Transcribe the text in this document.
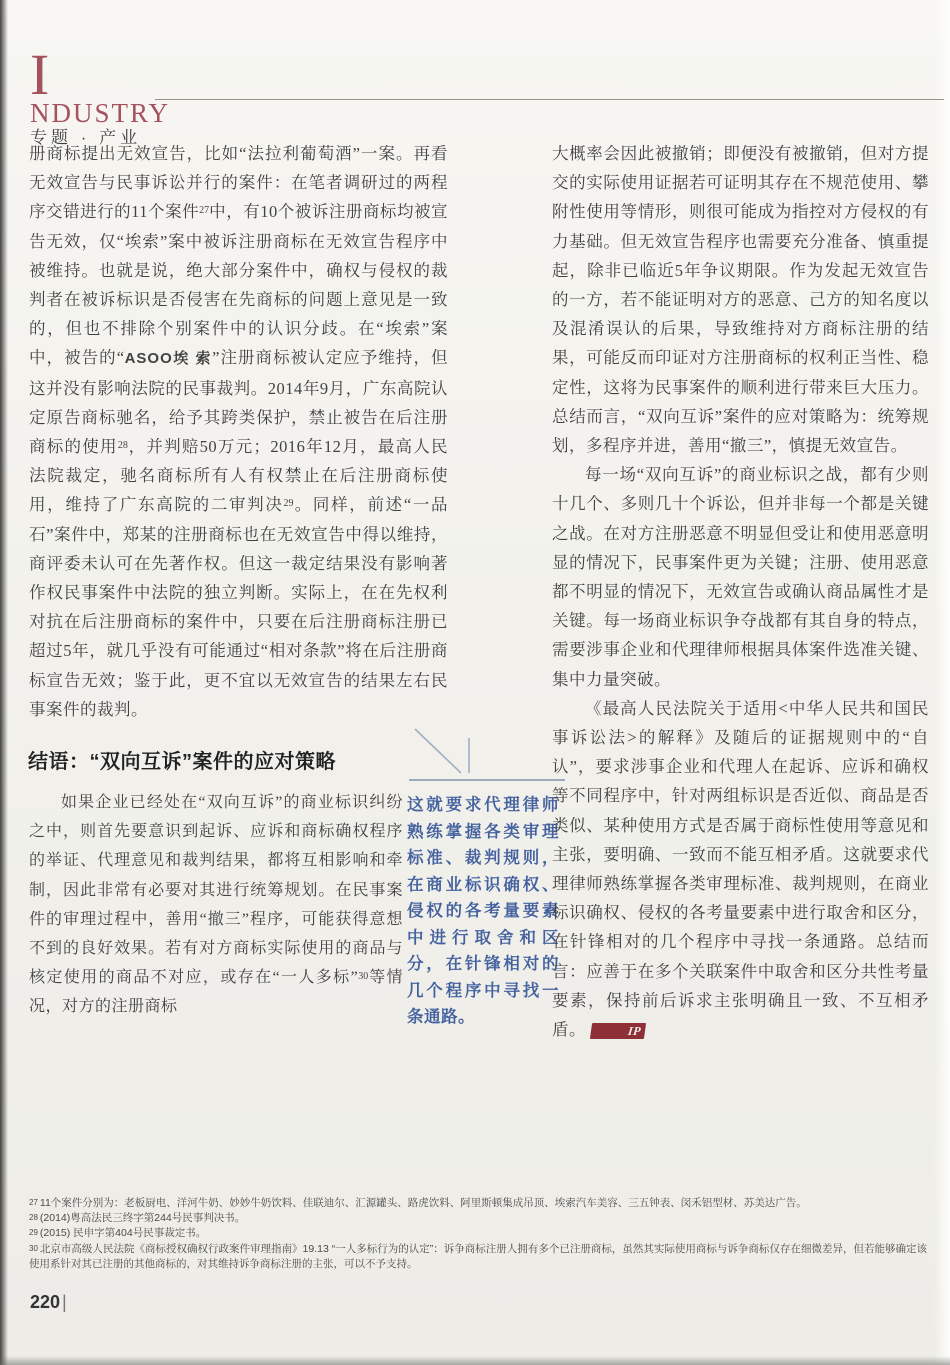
I
NDUSTRY
专题 · 产业
册商标提出无效宣告，比如“法拉利葡萄酒”一案。再看无效宣告与民事诉讼并行的案件：在笔者调研过的两程序交错进行的11个案件$^{27}$中，有10个被诉注册商标均被宣告无效，仅“埃索”案中被诉注册商标在无效宣告程序中被维持。也就是说，绝大部分案件中，确权与侵权的裁判者在被诉标识是否侵害在先商标的问题上意见是一致的，但也不排除个别案件中的认识分歧。在“埃索”案中，被告的“ASOO埃 索”注册商标被认定应予维持，但这并没有影响法院的民事裁判。2014年9月，广东高院认定原告商标驰名，给予其跨类保护，禁止被告在后注册商标的使用$^{28}$，并判赔50万元；2016年12月，最高人民法院裁定，驰名商标所有人有权禁止在后注册商标使用，维持了广东高院的二审判决$^{29}$。同样，前述“一品石”案件中，郑某的注册商标也在无效宣告中得以维持，商评委未认可在先著作权。但这一裁定结果没有影响著作权民事案件中法院的独立判断。实际上，在在先权利对抗在后注册商标的案件中，只要在后注册商标注册已超过5年，就几乎没有可能通过“相对条款”将在后注册商标宣告无效；鉴于此，更不宜以无效宣告的结果左右民事案件的裁判。
结语：“双向互诉”案件的应对策略
如果企业已经处在“双向互诉”的商业标识纠纷之中，则首先要意识到起诉、应诉和商标确权程序的举证、代理意见和裁判结果，都将互相影响和牵制，因此非常有必要对其进行统筹规划。在民事案件的审理过程中，善用“撤三”程序，可能获得意想不到的良好效果。若有对方商标实际使用的商品与核定使用的商品不对应，或存在“一人多标”$^{30}$等情况，对方的注册商标
这就要求代理律师熟练掌握各类审理标准、裁判规则，在商业标识确权、侵权的各考量要素中进行取舍和区分，在针锋相对的几个程序中寻找一条通路。

大概率会因此被撤销；即便没有被撤销，但对方提交的实际使用证据若可证明其存在不规范使用、攀附性使用等情形，则很可能成为指控对方侵权的有力基础。但无效宣告程序也需要充分准备、慎重提起，除非已临近5年争议期限。作为发起无效宣告的一方，若不能证明对方的恶意、己方的知名度以及混淆误认的后果，导致维持对方商标注册的结果，可能反而印证对方注册商标的权利正当性、稳定性，这将为民事案件的顺利进行带来巨大压力。总结而言，“双向互诉”案件的应对策略为：统筹规划，多程序并进，善用“撤三”，慎提无效宣告。

每一场“双向互诉”的商业标识之战，都有少则十几个、多则几十个诉讼，但并非每一个都是关键之战。在对方注册恶意不明显但受让和使用恶意明显的情况下，民事案件更为关键；注册、使用恶意都不明显的情况下，无效宣告或确认商品属性才是关键。每一场商业标识争夺战都有其自身的特点，需要涉事企业和代理律师根据具体案件选准关键、集中力量突破。

《最高人民法院关于适用<中华人民共和国民事诉讼法>的解释》及随后的证据规则中的“自认”，要求涉事企业和代理人在起诉、应诉和确权等不同程序中，针对两组标识是否近似、商品是否类似、某种使用方式是否属于商标性使用等意见和主张，要明确、一致而不能互相矛盾。这就要求代理律师熟练掌握各类审理标准、裁判规则，在商业标识确权、侵权的各考量要素中进行取舍和区分，在针锋相对的几个程序中寻找一条通路。总结而言：应善于在多个关联案件中取舍和区分共性考量要素，保持前后诉求主张明确且一致、不互相矛盾。	IP

$^{27}$ 11个案件分别为：老板厨电、洋河牛奶、妙妙牛奶饮料、佳联迪尔、汇源罐头、路虎饮料、阿里斯顿集成吊顶、埃索汽车美容、三五钟表、闵禾铝型材、苏美达广告。

$^{28}$ (2014)粤高法民三终字第244号民事判决书。

$^{29}$ (2015) 民申字第404号民事裁定书。

$^{30}$ 北京市高级人民法院《商标授权确权行政案件审理指南》19.13 “一人多标行为的认定”：诉争商标注册人拥有多个已注册商标，虽然其实际使用商标与诉争商标仅存在细微差异，但若能够确定该使用系针对其已注册的其他商标的，对其维持诉争商标注册的主张，可以不予支持。

220 |
